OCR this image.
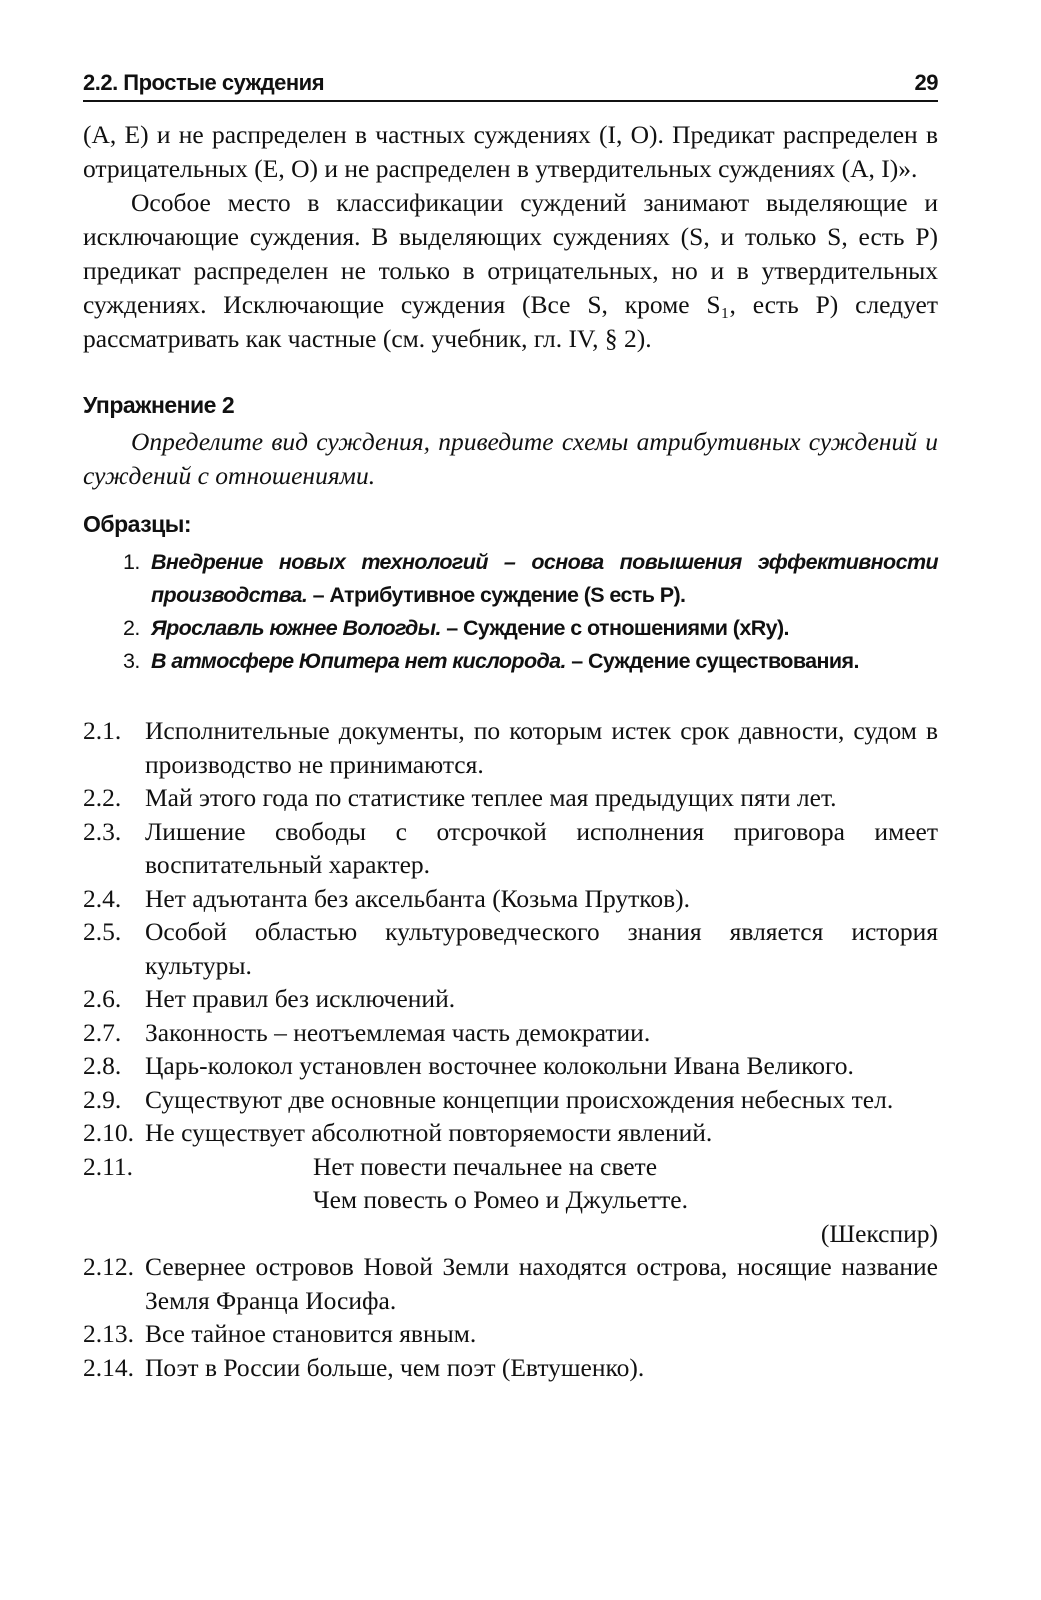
2.2. Простые суждения	29

(A, E) и не распределен в частных суждениях (I, O). Предикат распределен в отрицательных (E, O) и не распределен в утвердительных суждениях (A, I)».

Особое место в классификации суждений занимают выделяющие и исключающие суждения. В выделяющих суждениях (S, и только S, есть P) предикат распределен не только в отрицательных, но и в утвердительных суждениях. Исключающие суждения (Все S, кроме S₁, есть P) следует рассматривать как частные (см. учебник, гл. IV, § 2).

Упражнение 2

Определите вид суждения, приведите схемы атрибутивных суждений и суждений с отношениями.

Образцы:
1. Внедрение новых технологий – основа повышения эффективности производства. – Атрибутивное суждение (S есть P).
2. Ярославль южнее Вологды. – Суждение с отношениями (xRy).
3. В атмосфере Юпитера нет кислорода. – Суждение существования.
2.1. Исполнительные документы, по которым истек срок давности, судом в производство не принимаются.
2.2. Май этого года по статистике теплее мая предыдущих пяти лет.
2.3. Лишение свободы с отсрочкой исполнения приговора имеет воспитательный характер.
2.4. Нет адъютанта без аксельбанта (Козьма Прутков).
2.5. Особой областью культуроведческого знания является история культуры.
2.6. Нет правил без исключений.
2.7. Законность – неотъемлемая часть демократии.
2.8. Царь-колокол установлен восточнее колокольни Ивана Великого.
2.9. Существуют две основные концепции происхождения небесных тел.
2.10. Не существует абсолютной повторяемости явлений.
2.11.	Нет повести печальнее на свете
Чем повесть о Ромео и Джульетте.
(Шекспир)
2.12. Севернее островов Новой Земли находятся острова, носящие название Земля Франца Иосифа.
2.13. Все тайное становится явным.
2.14. Поэт в России больше, чем поэт (Евтушенко).
